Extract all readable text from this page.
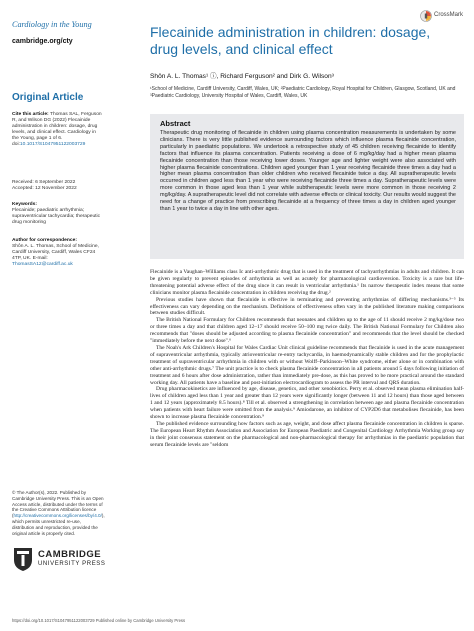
Cardiology in the Young
cambridge.org/cty
Original Article
Cite this article: Thomas SAL, Ferguson R, and Wilson DG (2022) Flecainide administration in children: dosage, drug levels, and clinical effect. Cardiology in the Young, page 1 of 6. doi:10.1017/S1047951122003729
Received: 6 September 2022
Accepted: 12 November 2022
Keywords:
Flecainide; paediatric arrhythmia; supraventricular tachycardia; therapeutic drug monitoring
Author for correspondence:
Shôn A. L. Thomas, School of Medicine, Cardiff University, Cardiff, Wales CF24 4TP, UK. E-mail: ThomasSA12@cardiff.ac.uk
© The Author(s), 2022. Published by Cambridge University Press. This is an Open Access article, distributed under the terms of the Creative Commons Attribution licence (http://creativecommons.org/licenses/by/4.0/), which permits unrestricted re-use, distribution and reproduction, provided the original article is properly cited.
CAMBRIDGE
UNIVERSITY PRESS
CrossMark
Flecainide administration in children: dosage, drug levels, and clinical effect
Shôn A. L. Thomas¹ ⓘ, Richard Ferguson² and Dirk G. Wilson³
¹School of Medicine, Cardiff University, Cardiff, Wales, UK; ²Paediatric Cardiology, Royal Hospital for Children, Glasgow, Scotland, UK and ³Paediatric Cardiology, University Hospital of Wales, Cardiff, Wales, UK
Abstract
Therapeutic drug monitoring of flecainide in children using plasma concentration measurements is undertaken by some clinicians. There is very little published evidence surrounding factors which influence plasma flecainide concentration, particularly in paediatric populations. We undertook a retrospective study of 45 children receiving flecainide to identify factors that influence its plasma concentration. Patients receiving a dose of 6 mg/kg/day had a higher mean plasma flecainide concentration than those receiving lower doses. Younger age and lighter weight were also associated with higher plasma flecainide concentrations. Children aged younger than 1 year receiving flecainide three times a day had a higher mean plasma concentration than older children who received flecainide twice a day. All supratherapeutic levels occurred in children aged less than 1 year who were receiving flecainide three times a day. Supratherapeutic levels were more common in those aged less than 1 year while subtherapeutic levels were more common in those receiving 2 mg/kg/day. A supratherapeutic level did not correlate with adverse effects or clinical toxicity. Our results would suggest the need for a change of practice from prescribing flecainide at a frequency of three times a day in children aged younger than 1 year to twice a day in line with other ages.

Flecainide is a Vaughan–Williams class Ic anti-arrhythmic drug that is used in the treatment of tachyarrhythmias in adults and children. It can be given regularly to prevent episodes of arrhythmia as well as acutely for pharmacological cardioversion. Toxicity is a rare but life-threatening potential adverse effect of the drug since it can result in ventricular arrhythmia.¹ Its narrow therapeutic index means that some clinicians monitor plasma flecainide concentration in children receiving the drug.²

Previous studies have shown that flecainide is effective in terminating and preventing arrhythmias of differing mechanisms.³⁻⁵ Its effectiveness can vary depending on the mechanism. Definitions of effectiveness often vary in the published literature making comparisons between studies difficult.

The British National Formulary for Children recommends that neonates and children up to the age of 11 should receive 2 mg/kg/dose two or three times a day and that children aged 12–17 should receive 50–100 mg twice daily. The British National Formulary for Children also recommends that "doses should be adjusted according to plasma flecainide concentration" and recommends that the level should be checked "immediately before the next dose".⁶

The Noah's Ark Children's Hospital for Wales Cardiac Unit clinical guideline recommends that flecainide is used in the acute management of supraventricular arrhythmia, typically atrioventricular re-entry tachycardia, in haemodynamically stable children and for the prophylactic treatment of supraventricular arrhythmia in children with or without Wolff–Parkinson–White syndrome, either alone or in combination with other anti-arrhythmic drugs.⁷ The unit practice is to check plasma flecainide concentration in all patients around 5 days following initiation of treatment and 6 hours after dose administration, rather than immediately pre-dose, as this has proved to be more practical around the standard working day. All patients have a baseline and post-initiation electrocardiogram to assess the PR interval and QRS duration.

Drug pharmacokinetics are influenced by age, disease, genetics, and other xenobiotics. Perry et al. observed mean plasma elimination half-lives of children aged less than 1 year and greater than 12 years were significantly longer (between 11 and 12 hours) than those aged between 1 and 12 years (approximately 8.5 hours).⁸ Till et al. observed a strengthening in correlation between age and plasma flecainide concentration when patients with heart failure were omitted from the analysis.⁹ Amiodarone, an inhibitor of CYP2D6 that metabolises flecainide, has been shown to increase plasma flecainide concentration.⁹

The published evidence surrounding how factors such as age, weight, and dose affect plasma flecainide concentration in children is sparse. The European Heart Rhythm Association and Association for European Paediatric and Congenital Cardiology Arrhythmia Working group say in their joint consensus statement on the pharmacological and non-pharmacological therapy for arrhythmias in the paediatric population that serum flecainide levels are "seldom

https://doi.org/10.1017/S1047951122003729 Published online by Cambridge University Press
